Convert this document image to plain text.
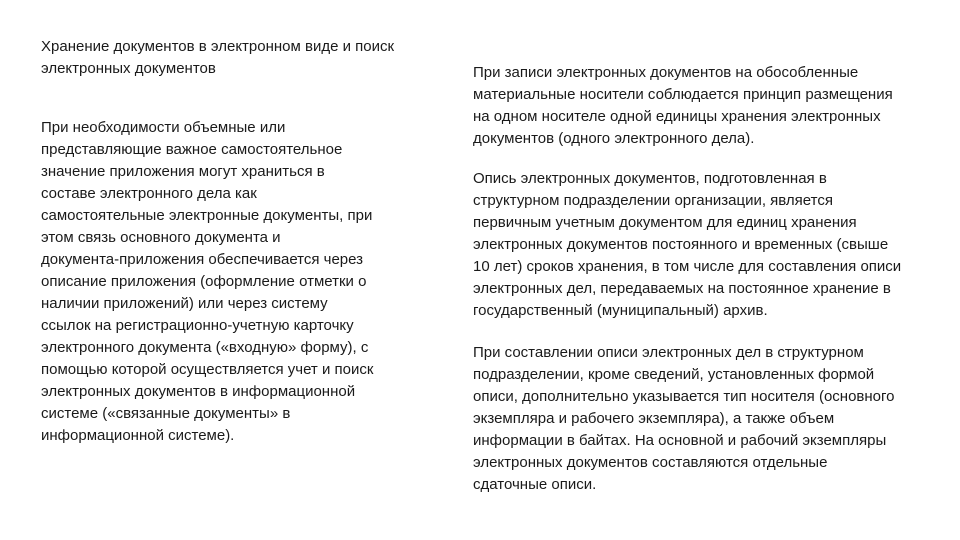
Хранение документов в электронном виде и поиск
электронных документов
При необходимости объемные или
представляющие важное самостоятельное
значение приложения могут храниться в
составе электронного дела как
самостоятельные электронные документы, при
этом связь основного документа и
документа-приложения обеспечивается через
описание приложения (оформление отметки о
наличии приложений) или через систему
ссылок на регистрационно-учетную карточку
электронного документа («входную» форму), с
помощью которой осуществляется учет и поиск
электронных документов в информационной
системе («связанные документы» в
информационной системе).
При записи электронных документов на обособленные
материальные носители соблюдается принцип размещения
на одном носителе одной единицы хранения электронных
документов (одного электронного дела).
Опись электронных документов, подготовленная в
структурном подразделении организации, является
первичным учетным документом для единиц хранения
электронных документов постоянного и временных (свыше
10 лет) сроков хранения, в том числе для составления описи
электронных дел, передаваемых на постоянное хранение в
государственный (муниципальный) архив.
При составлении описи электронных дел в структурном
подразделении, кроме сведений, установленных формой
описи, дополнительно указывается тип носителя (основного
экземпляра и рабочего экземпляра), а также объем
информации в байтах. На основной и рабочий экземпляры
электронных документов составляются отдельные
сдаточные описи.
